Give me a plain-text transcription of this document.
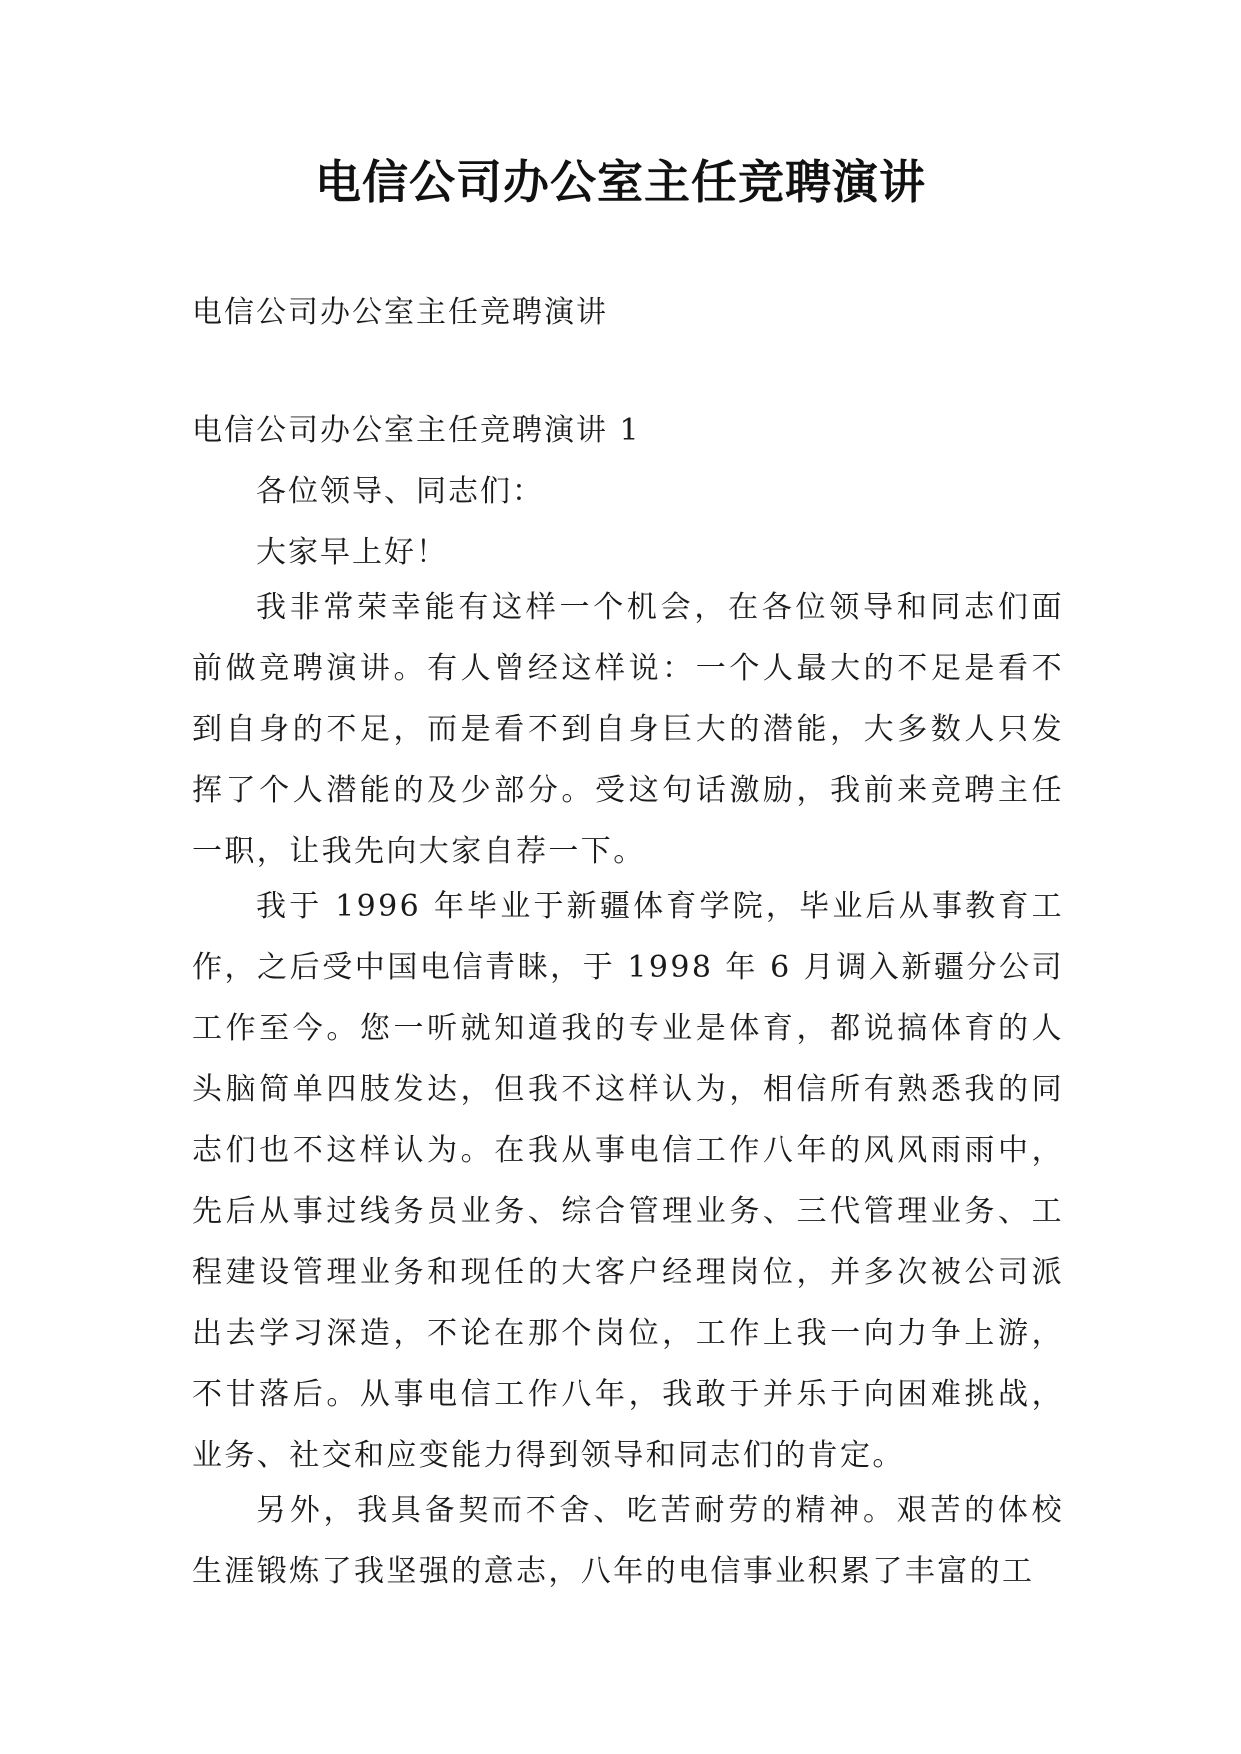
电信公司办公室主任竞聘演讲
电信公司办公室主任竞聘演讲
电信公司办公室主任竞聘演讲 1
各位领导、同志们：
大家早上好！

我非常荣幸能有这样一个机会，在各位领导和同志们面前做竞聘演讲。有人曾经这样说：一个人最大的不足是看不到自身的不足，而是看不到自身巨大的潜能，大多数人只发挥了个人潜能的及少部分。受这句话激励，我前来竞聘主任一职，让我先向大家自荐一下。

我于 1996 年毕业于新疆体育学院，毕业后从事教育工作，之后受中国电信青睐，于 1998 年 6 月调入新疆分公司工作至今。您一听就知道我的专业是体育，都说搞体育的人头脑简单四肢发达，但我不这样认为，相信所有熟悉我的同志们也不这样认为。在我从事电信工作八年的风风雨雨中，先后从事过线务员业务、综合管理业务、三代管理业务、工程建设管理业务和现任的大客户经理岗位，并多次被公司派出去学习深造，不论在那个岗位，工作上我一向力争上游，不甘落后。从事电信工作八年，我敢于并乐于向困难挑战，业务、社交和应变能力得到领导和同志们的肯定。

另外，我具备契而不舍、吃苦耐劳的精神。艰苦的体校生涯锻炼了我坚强的意志，八年的电信事业积累了丰富的工
